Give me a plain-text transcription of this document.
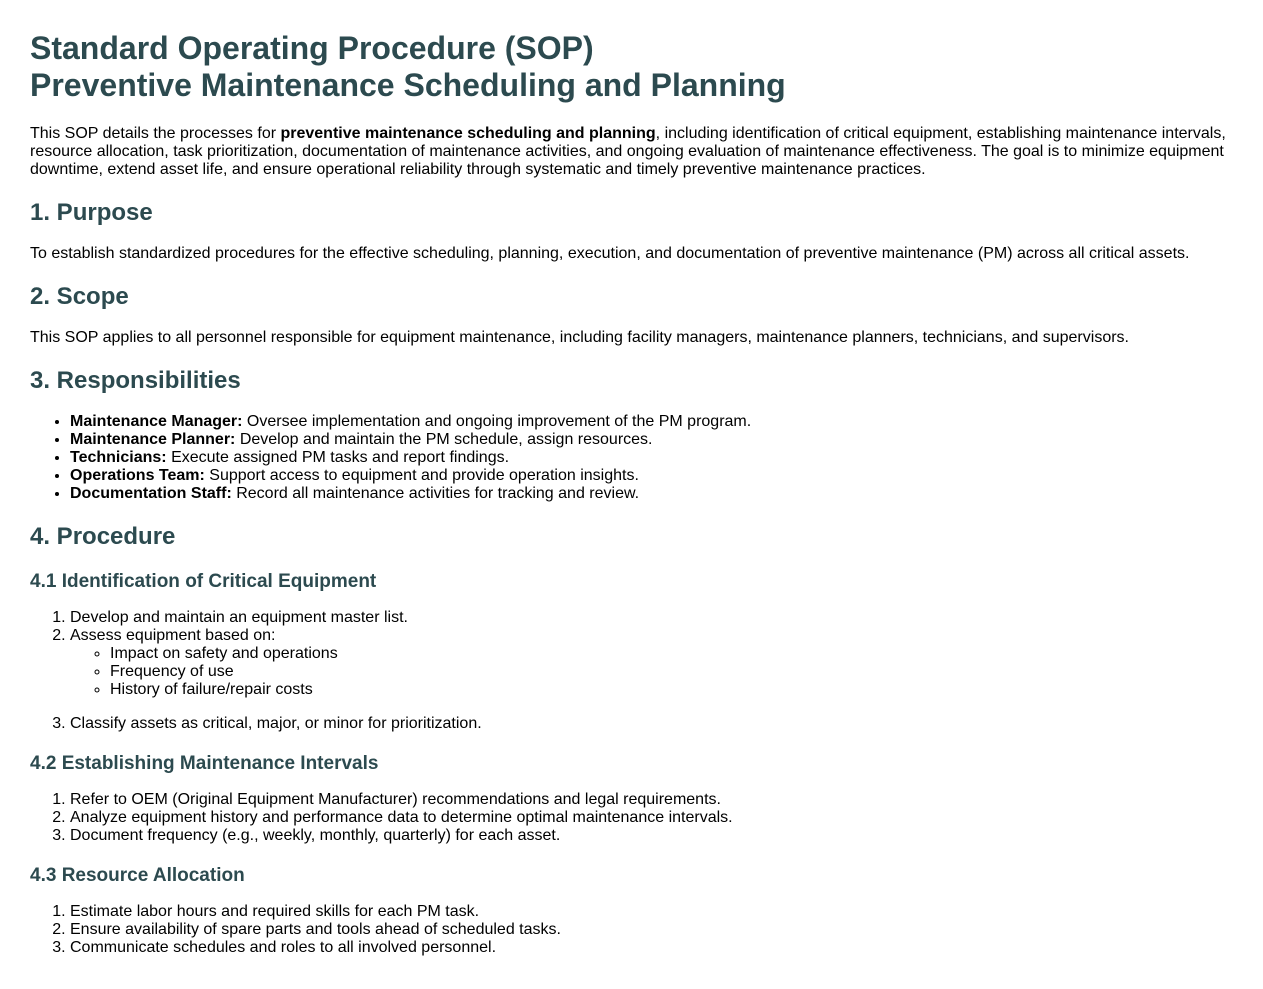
Standard Operating Procedure (SOP)
Preventive Maintenance Scheduling and Planning

This SOP details the processes for preventive maintenance scheduling and planning, including identification of critical equipment, establishing maintenance intervals, resource allocation, task prioritization, documentation of maintenance activities, and ongoing evaluation of maintenance effectiveness. The goal is to minimize equipment downtime, extend asset life, and ensure operational reliability through systematic and timely preventive maintenance practices.

1. Purpose

To establish standardized procedures for the effective scheduling, planning, execution, and documentation of preventive maintenance (PM) across all critical assets.

2. Scope

This SOP applies to all personnel responsible for equipment maintenance, including facility managers, maintenance planners, technicians, and supervisors.

3. Responsibilities
• Maintenance Manager: Oversee implementation and ongoing improvement of the PM program.
• Maintenance Planner: Develop and maintain the PM schedule, assign resources.
• Technicians: Execute assigned PM tasks and report findings.
• Operations Team: Support access to equipment and provide operation insights.
• Documentation Staff: Record all maintenance activities for tracking and review.
4. Procedure
4.1 Identification of Critical Equipment
1. Develop and maintain an equipment master list.
2. Assess equipment based on:
◦ Impact on safety and operations
◦ Frequency of use
◦ History of failure/repair costs
3. Classify assets as critical, major, or minor for prioritization.
4.2 Establishing Maintenance Intervals
1. Refer to OEM (Original Equipment Manufacturer) recommendations and legal requirements.
2. Analyze equipment history and performance data to determine optimal maintenance intervals.
3. Document frequency (e.g., weekly, monthly, quarterly) for each asset.
4.3 Resource Allocation
1. Estimate labor hours and required skills for each PM task.
2. Ensure availability of spare parts and tools ahead of scheduled tasks.
3. Communicate schedules and roles to all involved personnel.
